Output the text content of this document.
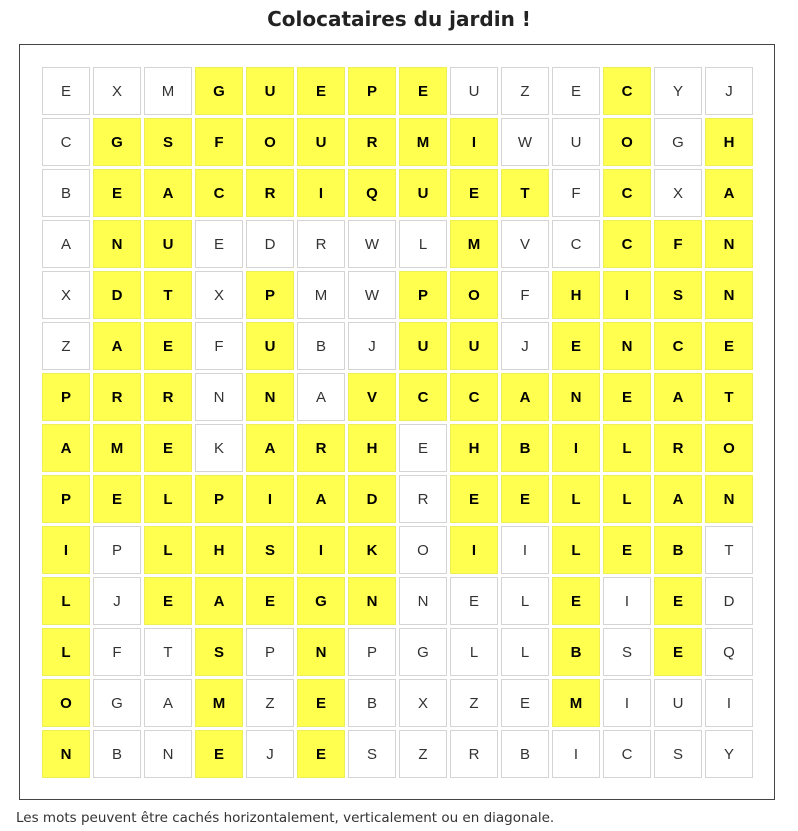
Colocataires du jardin !
E	X	M	G	U	E	P	E	U	Z	E	C	Y	J
C	G	S	F	O	U	R	M	I	W	U	O	G	H
B	E	A	C	R	I	Q	U	E	T	F	C	X	A
A	N	U	E	D	R	W	L	M	V	C	C	F	N
X	D	T	X	P	M	W	P	O	F	H	I	S	N
Z	A	E	F	U	B	J	U	U	J	E	N	C	E
P	R	R	N	N	A	V	C	C	A	N	E	A	T
A	M	E	K	A	R	H	E	H	B	I	L	R	O
P	E	L	P	I	A	D	R	E	E	L	L	A	N
I	P	L	H	S	I	K	O	I	I	L	E	B	T
L	J	E	A	E	G	N	N	E	L	E	I	E	D
L	F	T	S	P	N	P	G	L	L	B	S	E	Q
O	G	A	M	Z	E	B	X	Z	E	M	I	U	I
N	B	N	E	J	E	S	Z	R	B	I	C	S	Y
Les mots peuvent être cachés horizontalement, verticalement ou en diagonale.
